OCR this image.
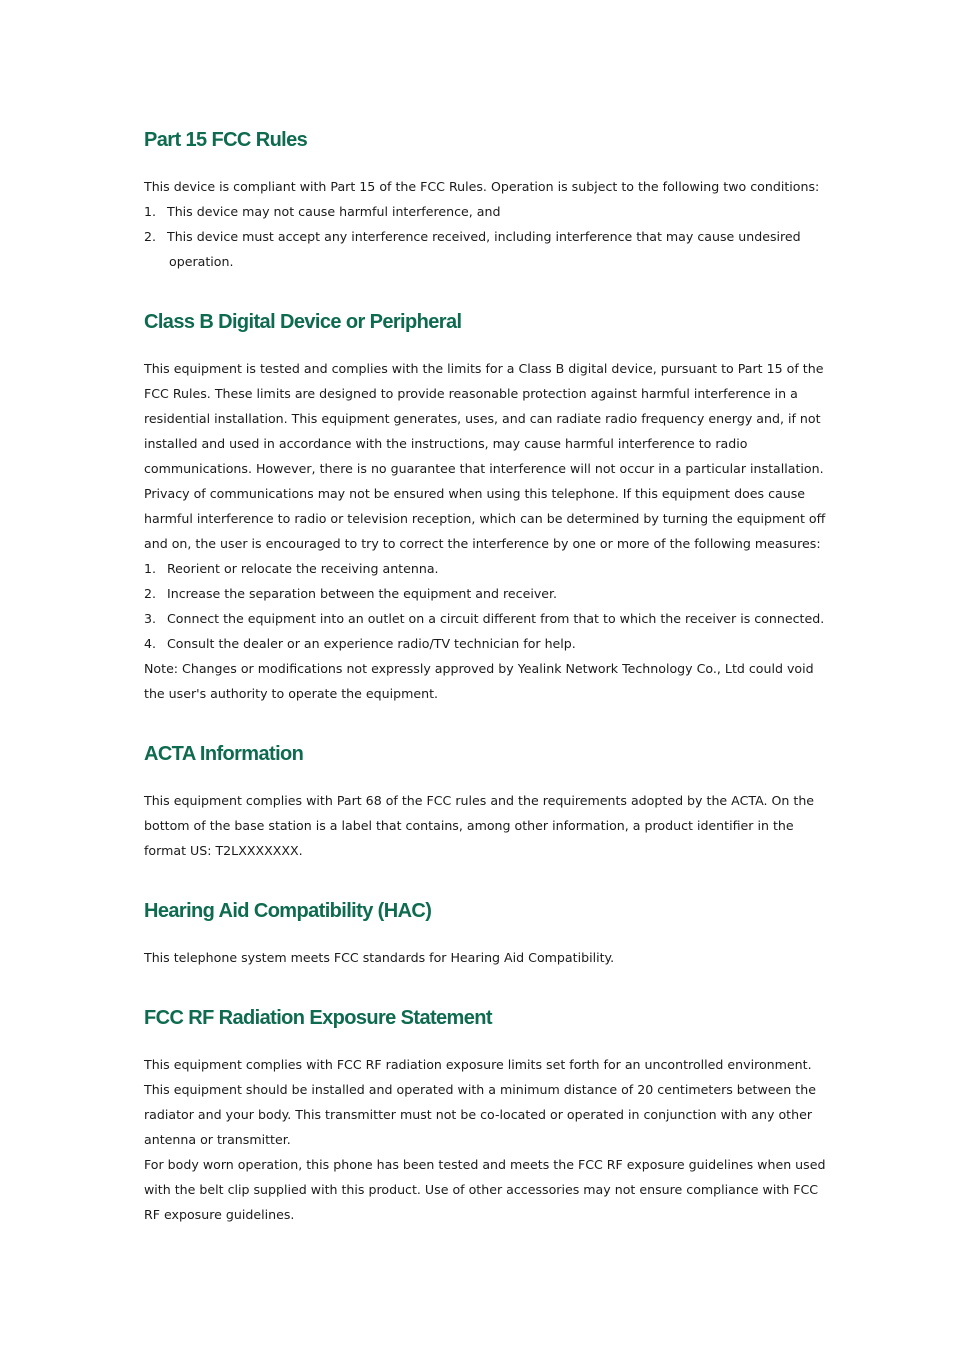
Part 15 FCC Rules

This device is compliant with Part 15 of the FCC Rules. Operation is subject to the following two conditions:

1. This device may not cause harmful interference, and
2. This device must accept any interference received, including interference that may cause undesired
operation.
Class B Digital Device or Peripheral

This equipment is tested and complies with the limits for a Class B digital device, pursuant to Part 15 of the

FCC Rules. These limits are designed to provide reasonable protection against harmful interference in a

residential installation. This equipment generates, uses, and can radiate radio frequency energy and, if not

installed and used in accordance with the instructions, may cause harmful interference to radio

communications. However, there is no guarantee that interference will not occur in a particular installation.

Privacy of communications may not be ensured when using this telephone. If this equipment does cause

harmful interference to radio or television reception, which can be determined by turning the equipment off

and on, the user is encouraged to try to correct the interference by one or more of the following measures:

1. Reorient or relocate the receiving antenna.
2. Increase the separation between the equipment and receiver.
3. Connect the equipment into an outlet on a circuit different from that to which the receiver is connected.
4. Consult the dealer or an experience radio/TV technician for help.

Note: Changes or modifications not expressly approved by Yealink Network Technology Co., Ltd could void

the user's authority to operate the equipment.

ACTA Information

This equipment complies with Part 68 of the FCC rules and the requirements adopted by the ACTA. On the

bottom of the base station is a label that contains, among other information, a product identifier in the

format US: T2LXXXXXXX.

Hearing Aid Compatibility (HAC)

This telephone system meets FCC standards for Hearing Aid Compatibility.

FCC RF Radiation Exposure Statement

This equipment complies with FCC RF radiation exposure limits set forth for an uncontrolled environment.

This equipment should be installed and operated with a minimum distance of 20 centimeters between the

radiator and your body. This transmitter must not be co-located or operated in conjunction with any other

antenna or transmitter.

For body worn operation, this phone has been tested and meets the FCC RF exposure guidelines when used

with the belt clip supplied with this product. Use of other accessories may not ensure compliance with FCC

RF exposure guidelines.
